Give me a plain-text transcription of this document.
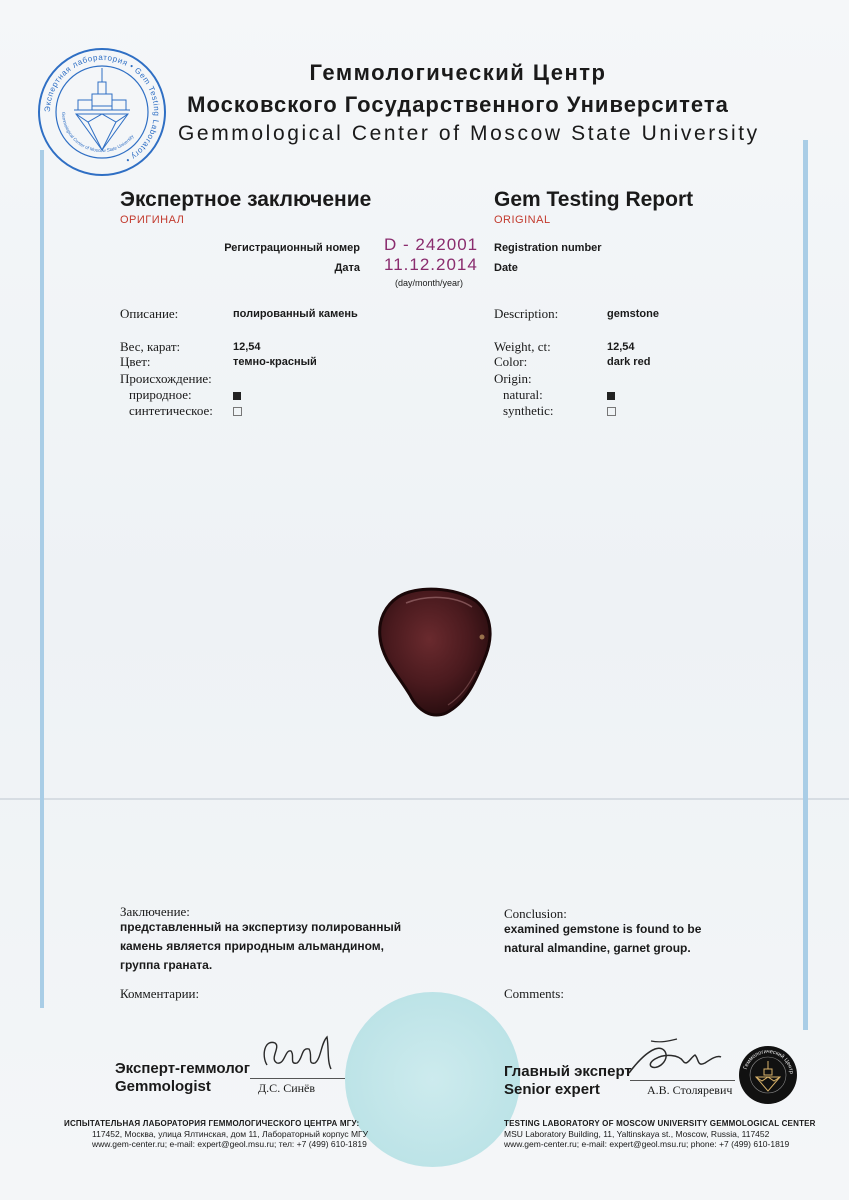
Экспертная лаборатория • Gem Testing Laboratory •
Gemmological Center of Moscow State University
Геммологический Центр
Московского Государственного Университета
Gemmological Center of Moscow State University
Экспертное заключение
ОРИГИНАЛ
Gem Testing Report
ORIGINAL
Регистрационный номер D - 242001 Registration number
Дата 11.12.2014 Date
(day/month/year)
Описание:	полированный камень
Вес, карат:	12,54
Цвет:	темно-красный
Происхождение:
природное:
синтетическое:
Description:	gemstone
Weight, ct:	12,54
Color:	dark red
Origin:
natural:
synthetic:
Заключение:
представленный на экспертизу полированный
камень является природным альмандином,
группа граната.
Комментарии:
Conclusion:
examined gemstone is found to be
natural almandine, garnet group.
Comments:
Эксперт-геммолог
Gemmologist	Д.С. Синёв
Главный эксперт
Senior expert	А.В. Столяревич
Геммологический Центр
ИСПЫТАТЕЛЬНАЯ ЛАБОРАТОРИЯ ГЕММОЛОГИЧЕСКОГО ЦЕНТРА МГУ:
117452, Москва, улица Ялтинская, дом 11, Лабораторный корпус МГУ
www.gem-center.ru; e-mail: expert@geol.msu.ru; тел: +7 (499) 610-1819
TESTING LABORATORY OF MOSCOW UNIVERSITY GEMMOLOGICAL CENTER
MSU Laboratory Building, 11, Yaltinskaya st., Moscow, Russia, 117452
www.gem-center.ru; e-mail: expert@geol.msu.ru; phone: +7 (499) 610-1819
